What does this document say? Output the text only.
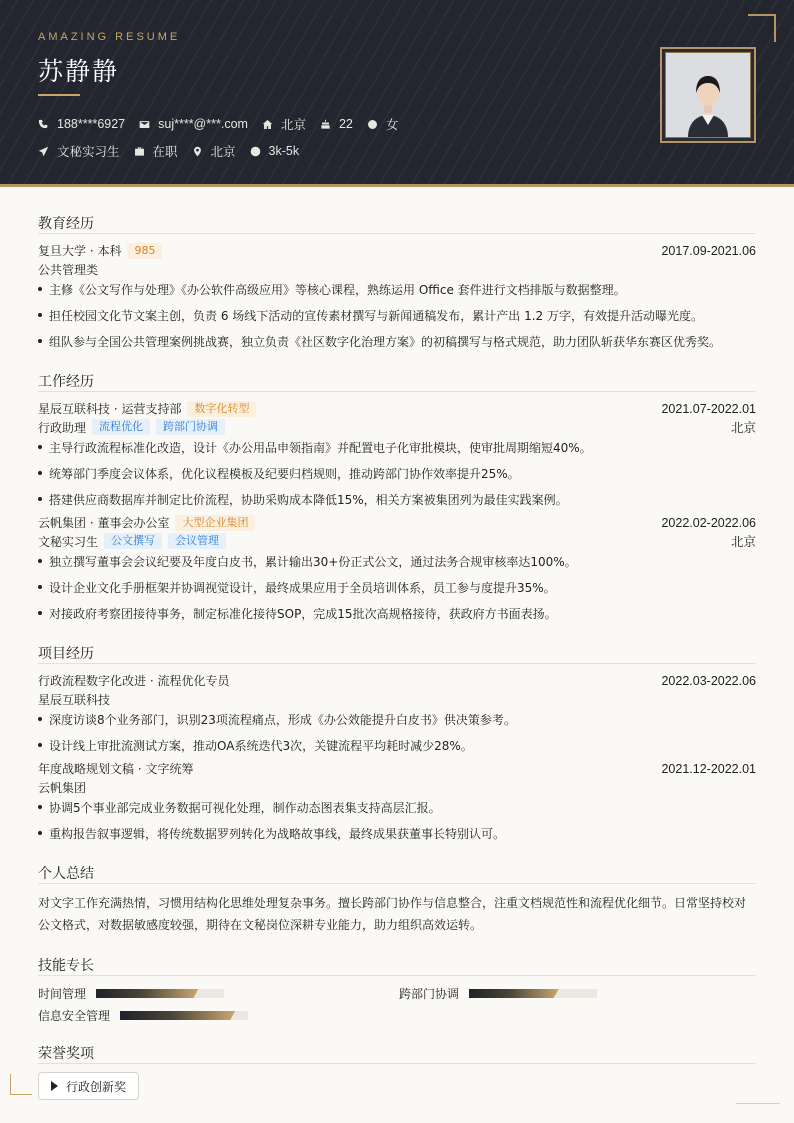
AMAZING RESUME
苏静静
188****6927	suj****@***.com	北京	22	女
文秘实习生	在职	北京	3k-5k
教育经历
复旦大学 · 本科	985	2017.09-2021.06
公共管理类
主修《公文写作与处理》《办公软件高级应用》等核心课程，熟练运用 Office 套件进行文档排版与数据整理。
担任校园文化节文案主创，负责 6 场线下活动的宣传素材撰写与新闻通稿发布，累计产出 1.2 万字，有效提升活动曝光度。
组队参与全国公共管理案例挑战赛，独立负责《社区数字化治理方案》的初稿撰写与格式规范，助力团队斩获华东赛区优秀奖。
工作经历
星辰互联科技 · 运营支持部	数字化转型	2021.07-2022.01
行政助理	流程优化	跨部门协调	北京
主导行政流程标准化改造，设计《办公用品申领指南》并配置电子化审批模块，使审批周期缩短40%。
统筹部门季度会议体系，优化议程模板及纪要归档规则，推动跨部门协作效率提升25%。
搭建供应商数据库并制定比价流程，协助采购成本降低15%，相关方案被集团列为最佳实践案例。
云帆集团 · 董事会办公室	大型企业集团	2022.02-2022.06
文秘实习生	公文撰写	会议管理	北京
独立撰写董事会会议纪要及年度白皮书，累计输出30+份正式公文，通过法务合规审核率达100%。
设计企业文化手册框架并协调视觉设计，最终成果应用于全员培训体系，员工参与度提升35%。
对接政府考察团接待事务，制定标准化接待SOP，完成15批次高规格接待，获政府方书面表扬。
项目经历
行政流程数字化改进 · 流程优化专员	2022.03-2022.06
星辰互联科技
深度访谈8个业务部门，识别23项流程痛点，形成《办公效能提升白皮书》供决策参考。
设计线上审批流测试方案，推动OA系统迭代3次，关键流程平均耗时减少28%。
年度战略规划文稿 · 文字统筹	2021.12-2022.01
云帆集团
协调5个事业部完成业务数据可视化处理，制作动态图表集支持高层汇报。
重构报告叙事逻辑，将传统数据罗列转化为战略故事线，最终成果获董事长特别认可。
个人总结
对文字工作充满热情，习惯用结构化思维处理复杂事务。擅长跨部门协作与信息整合，注重文档规范性和流程优化细节。日常坚持校对公文格式，对数据敏感度较强，期待在文秘岗位深耕专业能力，助力组织高效运转。
技能专长
时间管理	跨部门协调
信息安全管理
荣誉奖项
行政创新奖
